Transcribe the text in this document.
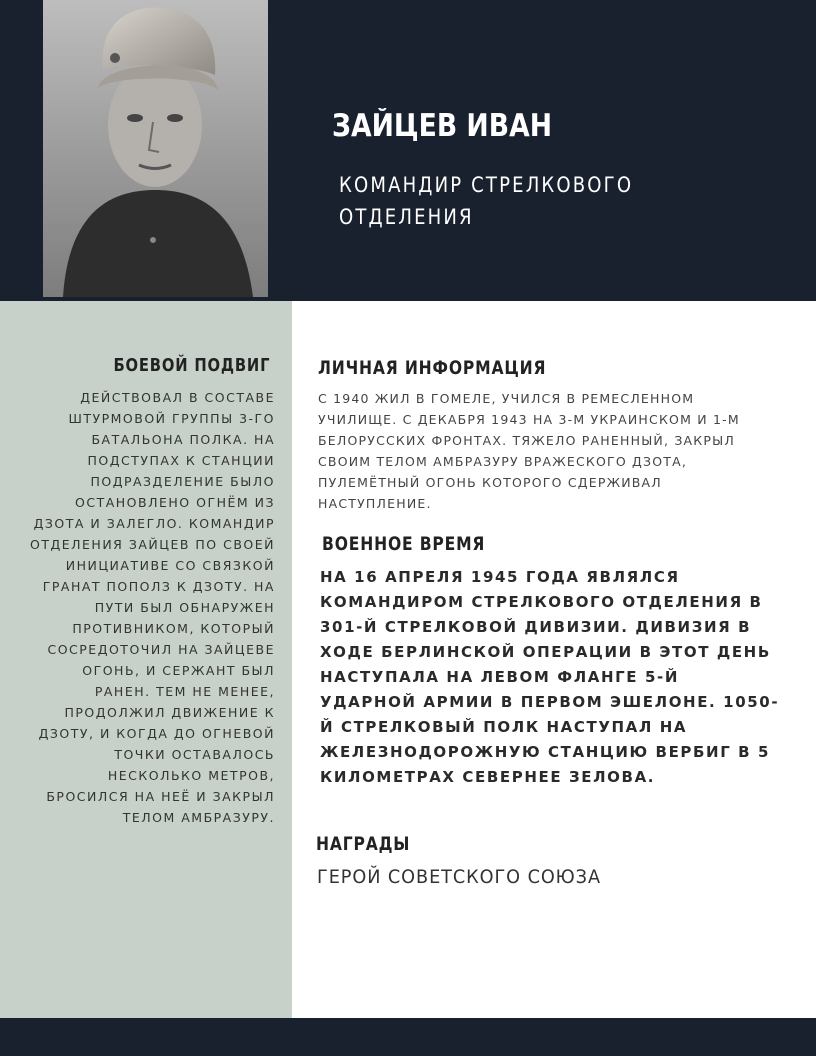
ЗАЙЦЕВ ИВАН
КОМАНДИР СТРЕЛКОВОГО ОТДЕЛЕНИЯ
БОЕВОЙ ПОДВИГ
ДЕЙСТВОВАЛ В СОСТАВЕ ШТУРМОВОЙ ГРУППЫ 3-ГО БАТАЛЬОНА ПОЛКА. НА ПОДСТУПАХ К СТАНЦИИ ПОДРАЗДЕЛЕНИЕ БЫЛО ОСТАНОВЛЕНО ОГНЁМ ИЗ ДЗОТА И ЗАЛЕГЛО. КОМАНДИР ОТДЕЛЕНИЯ ЗАЙЦЕВ ПО СВОЕЙ ИНИЦИАТИВЕ СО СВЯЗКОЙ ГРАНАТ ПОПОЛЗ К ДЗОТУ. НА ПУТИ БЫЛ ОБНАРУЖЕН ПРОТИВНИКОМ, КОТОРЫЙ СОСРЕДОТОЧИЛ НА ЗАЙЦЕВЕ ОГОНЬ, И СЕРЖАНТ БЫЛ РАНЕН. ТЕМ НЕ МЕНЕЕ, ПРОДОЛЖИЛ ДВИЖЕНИЕ К ДЗОТУ, И КОГДА ДО ОГНЕВОЙ ТОЧКИ ОСТАВАЛОСЬ НЕСКОЛЬКО МЕТРОВ, БРОСИЛСЯ НА НЕЁ И ЗАКРЫЛ ТЕЛОМ АМБРАЗУРУ.
ЛИЧНАЯ ИНФОРМАЦИЯ
С 1940 ЖИЛ В ГОМЕЛЕ, УЧИЛСЯ В РЕМЕСЛЕННОМ УЧИЛИЩЕ. С ДЕКАБРЯ 1943 НА 3-М УКРАИНСКОМ И 1-М БЕЛОРУССКИХ ФРОНТАХ. ТЯЖЕЛО РАНЕННЫЙ, ЗАКРЫЛ СВОИМ ТЕЛОМ АМБРАЗУРУ ВРАЖЕСКОГО ДЗОТА, ПУЛЕМЁТНЫЙ ОГОНЬ КОТОРОГО СДЕРЖИВАЛ НАСТУПЛЕНИЕ.
ВОЕННОЕ ВРЕМЯ
НА 16 АПРЕЛЯ 1945 ГОДА ЯВЛЯЛСЯ КОМАНДИРОМ СТРЕЛКОВОГО ОТДЕЛЕНИЯ В 301-Й СТРЕЛКОВОЙ ДИВИЗИИ. ДИВИЗИЯ В ХОДЕ БЕРЛИНСКОЙ ОПЕРАЦИИ В ЭТОТ ДЕНЬ НАСТУПАЛА НА ЛЕВОМ ФЛАНГЕ 5-Й УДАРНОЙ АРМИИ В ПЕРВОМ ЭШЕЛОНЕ. 1050-Й СТРЕЛКОВЫЙ ПОЛК НАСТУПАЛ НА ЖЕЛЕЗНОДОРОЖНУЮ СТАНЦИЮ ВЕРБИГ В 5 КИЛОМЕТРАХ СЕВЕРНЕЕ ЗЕЛОВА.
НАГРАДЫ
ГЕРОЙ СОВЕТСКОГО СОЮЗА
